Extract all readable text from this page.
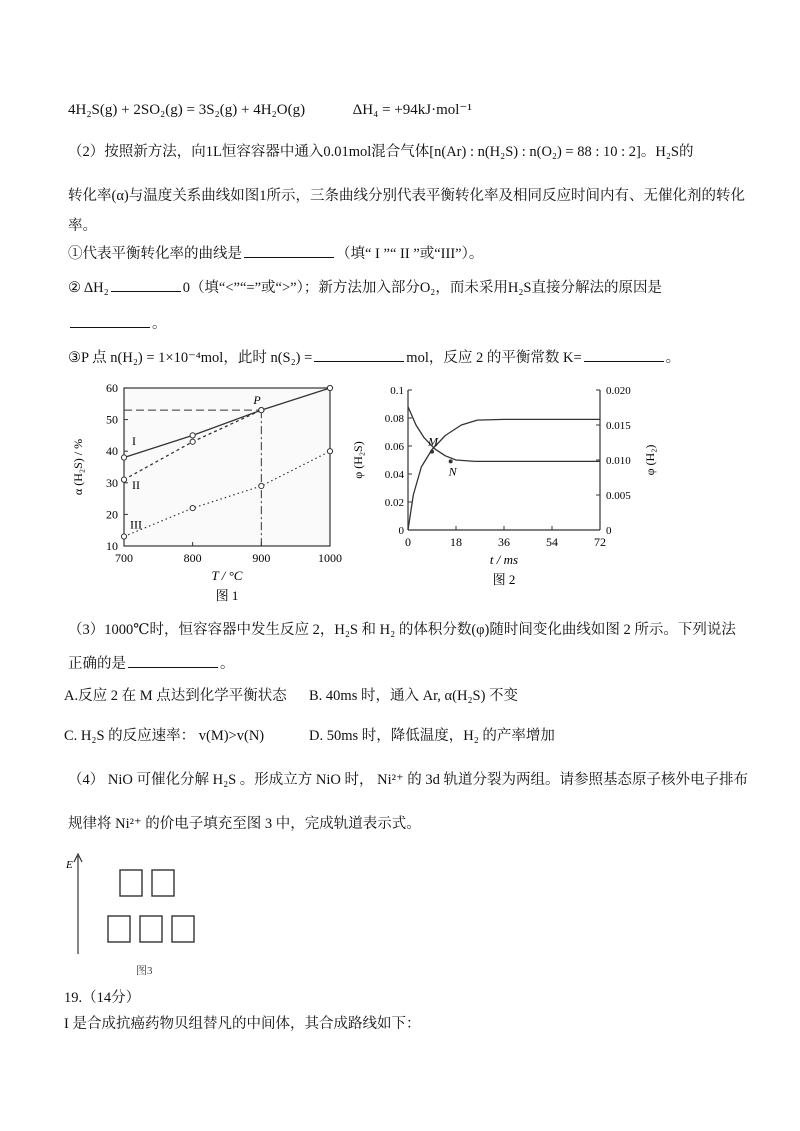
4H₂S(g) + 2SO₂(g) = 3S₂(g) + 4H₂O(g)	ΔH₄ = +94kJ·mol⁻¹
（2）按照新方法，向1L恒容容器中通入0.01mol混合气体[n(Ar) : n(H₂S) : n(O₂) = 88 : 10 : 2]。H₂S的
转化率(α)与温度关系曲线如图1所示，三条曲线分别代表平衡转化率及相同反应时间内有、无催化剂的转化
率。
①代表平衡转化率的曲线是	（填“ I ”“ II ”或“III”）。
② ΔH₂	0（填“<”“=”或“>”）；新方法加入部分O₂，而未采用H₂S直接分解法的原因是
。
③P 点 n(H₂) = 1×10⁻⁴mol，此时 n(S₂) =	mol，反应 2 的平衡常数 K=	。
700	800	900	1000
10
20
30
40
50
60
I
II
III
P
T / °C
α (H₂S) / %
图 1
0	18	36	54	72
0
0.02
0.04
0.06
0.08
0.1
0
0.005
0.010
0.015
0.020
M
N
t / ms
φ (H₂S)	φ (H₂)
图 2
（3）1000℃时，恒容容器中发生反应 2，H₂S 和 H₂ 的体积分数(φ)随时间变化曲线如图 2 所示。下列说法
正确的是	。
A.反应 2 在 M 点达到化学平衡状态 B. 40ms 时，通入 Ar, α(H₂S) 不变
C. H₂S 的反应速率： v(M)>v(N)	D. 50ms 时，降低温度，H₂ 的产率增加
（4） NiO 可催化分解 H₂S 。形成立方 NiO 时， Ni²⁺ 的 3d 轨道分裂为两组。请参照基态原子核外电子排布
规律将 Ni²⁺ 的价电子填充至图 3 中，完成轨道表示式。
E
图3
19.（14分）
I 是合成抗癌药物贝组替凡的中间体，其合成路线如下：
